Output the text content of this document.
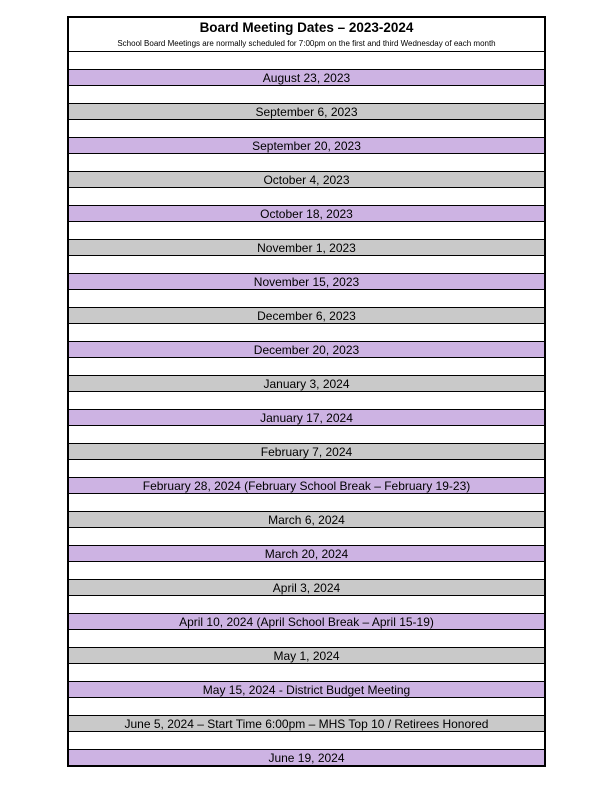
Board Meeting Dates – 2023-2024
School Board Meetings are normally scheduled for 7:00pm on the first and third Wednesday of each month
August 23, 2023
September 6, 2023
September 20, 2023
October 4, 2023
October 18, 2023
November 1, 2023
November 15, 2023
December 6, 2023
December 20, 2023
January 3, 2024
January 17, 2024
February 7, 2024
February 28, 2024 (February School Break – February 19-23)
March 6, 2024
March 20, 2024
April 3, 2024
April 10, 2024 (April School Break – April 15-19)
May 1, 2024
May 15, 2024 - District Budget Meeting
June 5, 2024 – Start Time 6:00pm – MHS Top 10 / Retirees Honored
June 19, 2024
